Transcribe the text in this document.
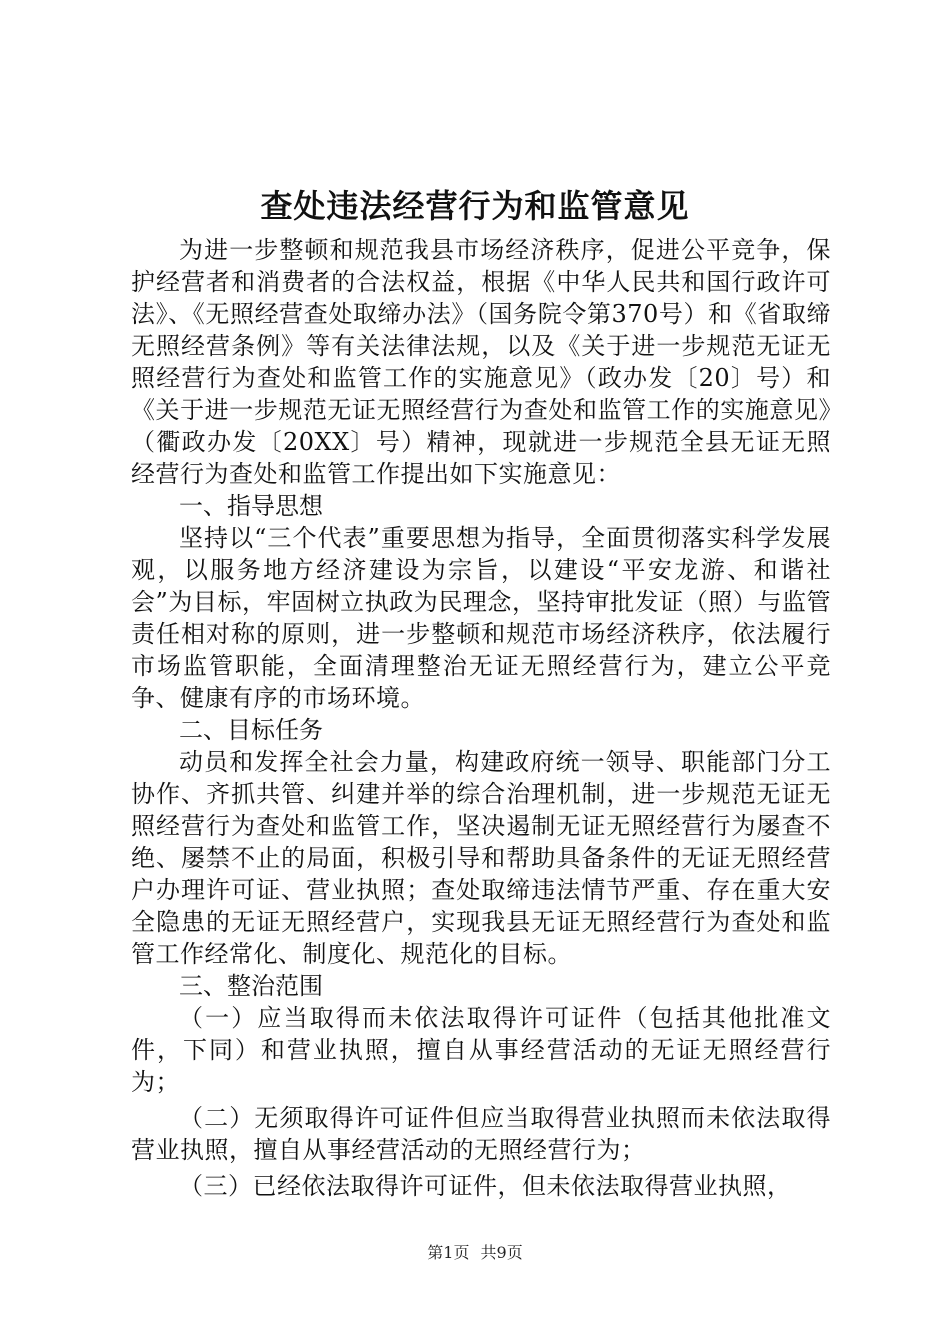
查处违法经营行为和监管意见

为进一步整顿和规范我县市场经济秩序，促进公平竞争，保护经营者和消费者的合法权益，根据《中华人民共和国行政许可法》、《无照经营查处取缔办法》（国务院令第370号）和《省取缔无照经营条例》等有关法律法规，以及《关于进一步规范无证无照经营行为查处和监管工作的实施意见》（政办发〔20〕号）和《关于进一步规范无证无照经营行为查处和监管工作的实施意见》（衢政办发〔20XX〕号）精神，现就进一步规范全县无证无照经营行为查处和监管工作提出如下实施意见：

一、指导思想

坚持以“三个代表”重要思想为指导，全面贯彻落实科学发展观，以服务地方经济建设为宗旨，以建设“平安龙游、和谐社会”为目标，牢固树立执政为民理念，坚持审批发证（照）与监管责任相对称的原则，进一步整顿和规范市场经济秩序，依法履行市场监管职能，全面清理整治无证无照经营行为，建立公平竞争、健康有序的市场环境。

二、目标任务

动员和发挥全社会力量，构建政府统一领导、职能部门分工协作、齐抓共管、纠建并举的综合治理机制，进一步规范无证无照经营行为查处和监管工作，坚决遏制无证无照经营行为屡查不绝、屡禁不止的局面，积极引导和帮助具备条件的无证无照经营户办理许可证、营业执照；查处取缔违法情节严重、存在重大安全隐患的无证无照经营户，实现我县无证无照经营行为查处和监管工作经常化、制度化、规范化的目标。

三、整治范围

（一）应当取得而未依法取得许可证件（包括其他批准文件，下同）和营业执照，擅自从事经营活动的无证无照经营行为；

（二）无须取得许可证件但应当取得营业执照而未依法取得营业执照，擅自从事经营活动的无照经营行为；

（三）已经依法取得许可证件，但未依法取得营业执照，

第1页 共9页
